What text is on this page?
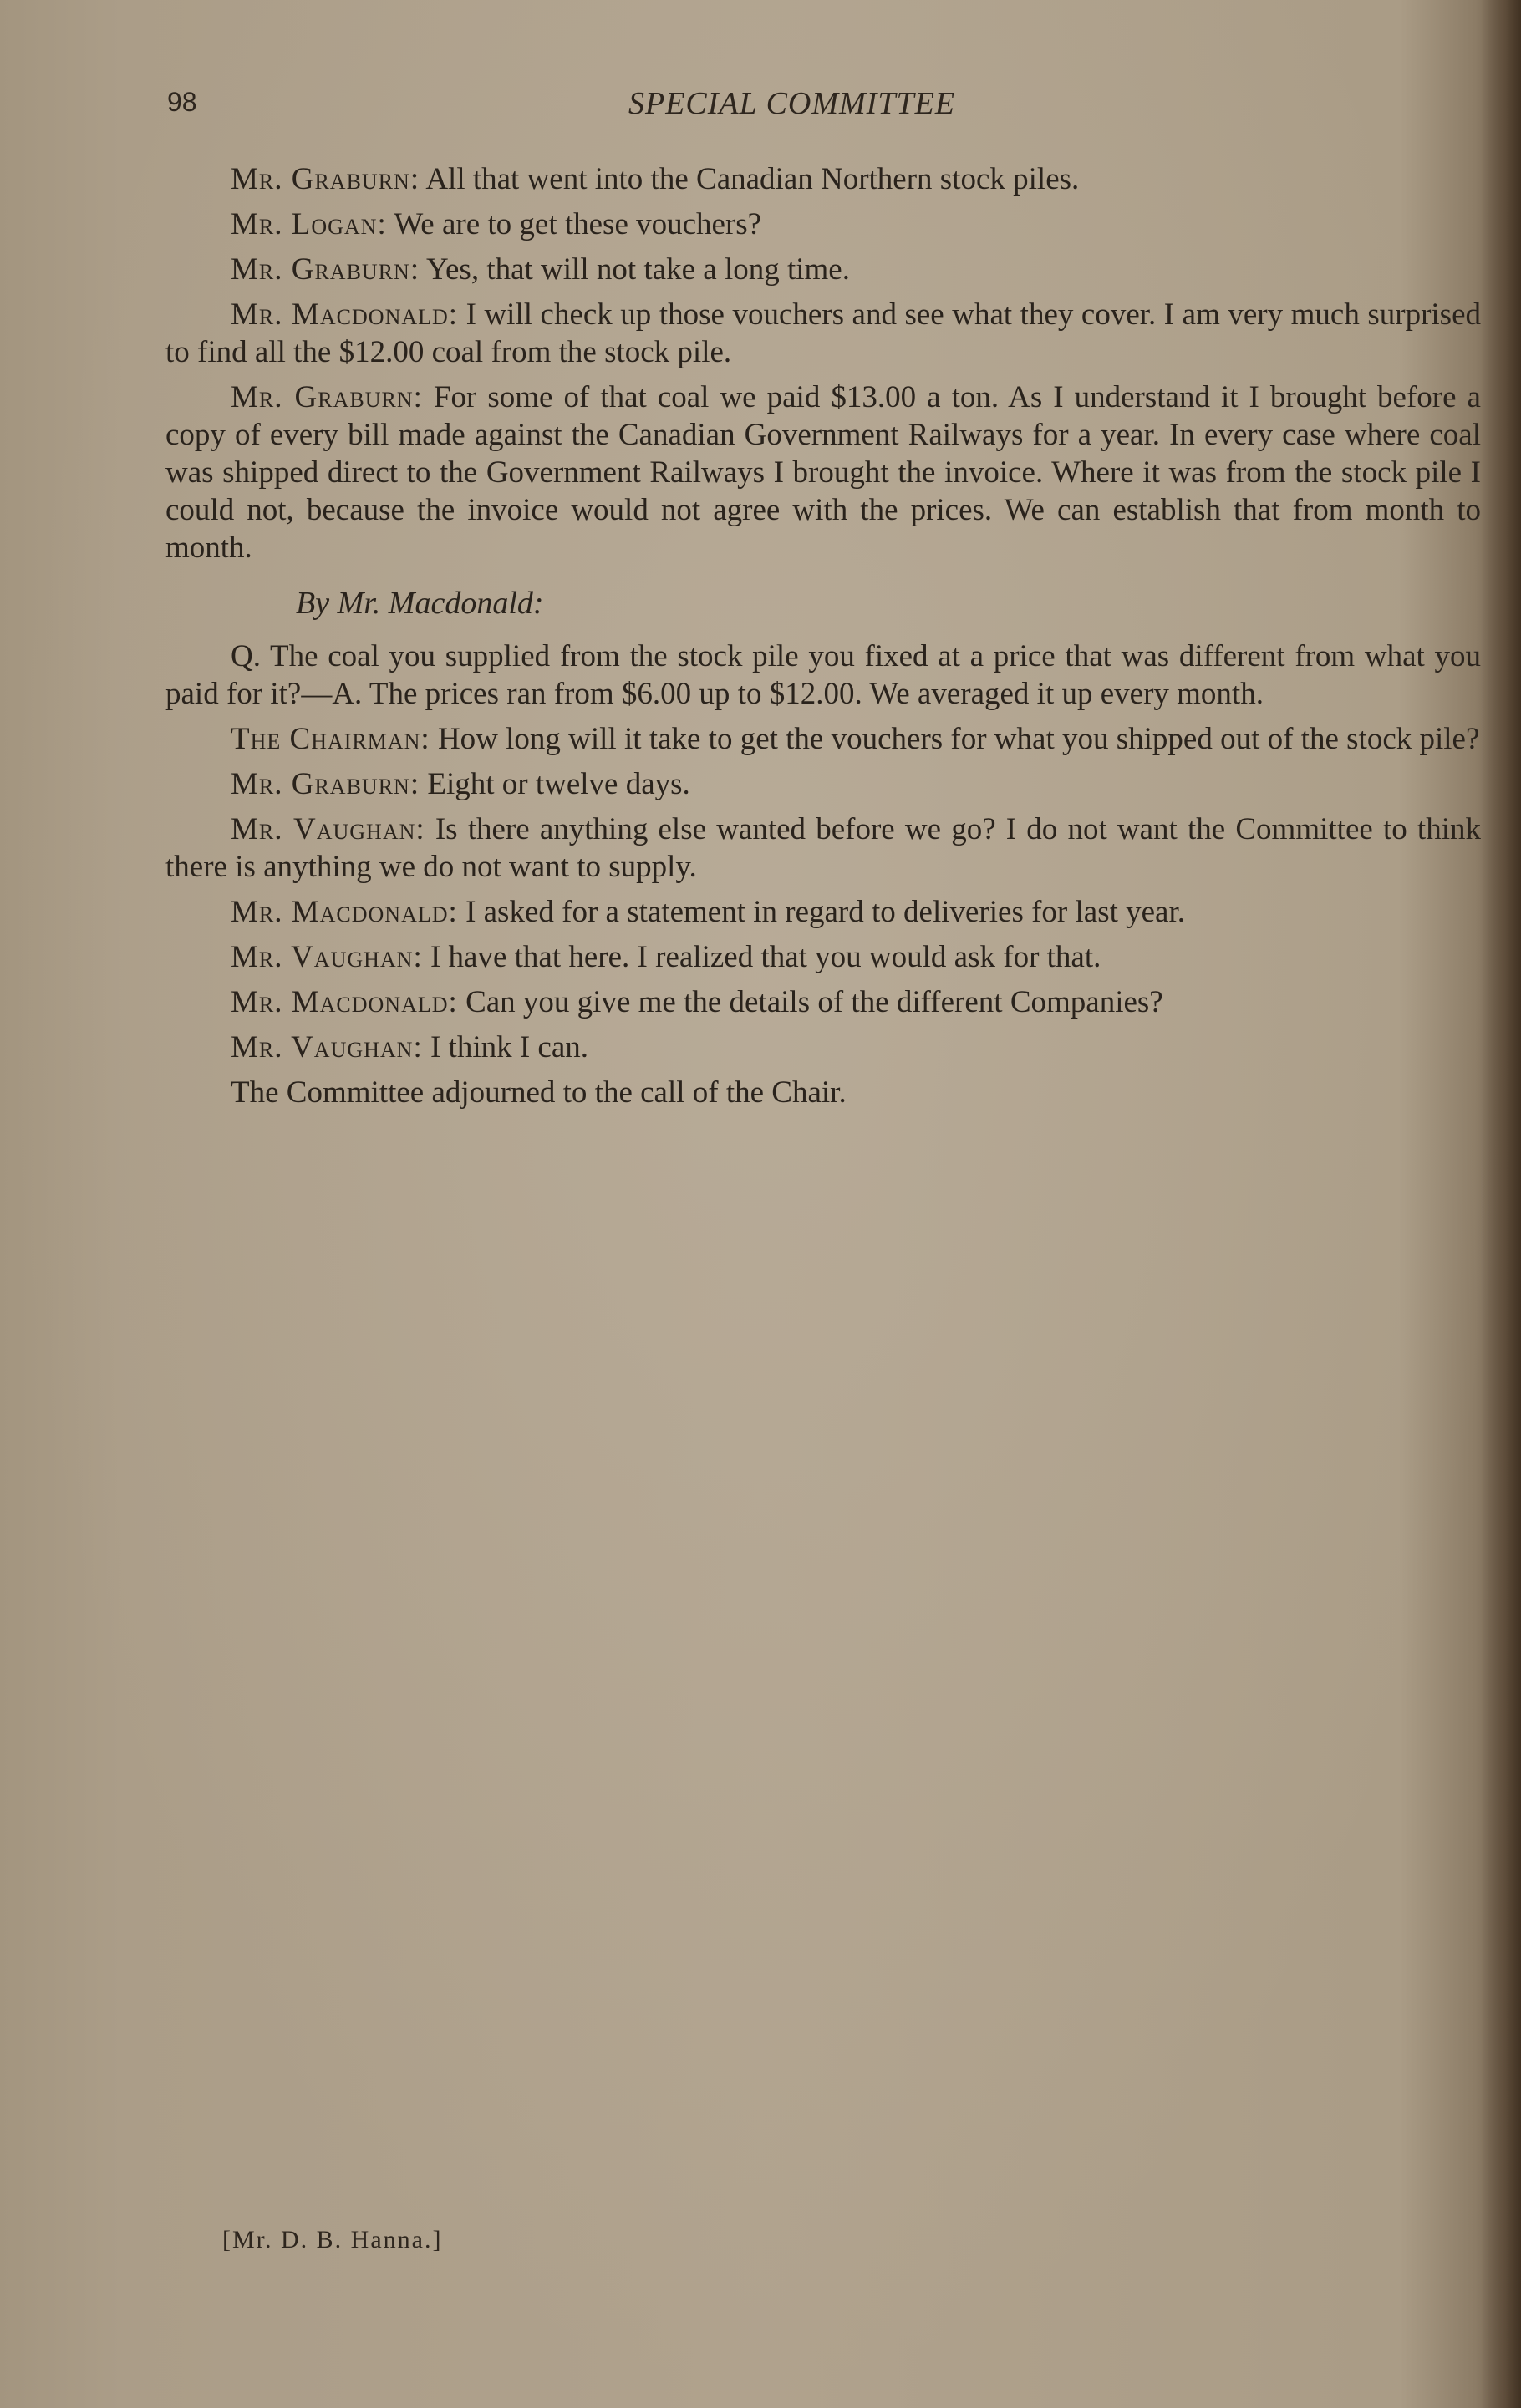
98	SPECIAL COMMITTEE

Mr. Graburn: All that went into the Canadian Northern stock piles.

Mr. Logan: We are to get these vouchers?

Mr. Graburn: Yes, that will not take a long time.

Mr. Macdonald: I will check up those vouchers and see what they cover. I am very much surprised to find all the $12.00 coal from the stock pile.

Mr. Graburn: For some of that coal we paid $13.00 a ton. As I understand it I brought before a copy of every bill made against the Canadian Government Railways for a year. In every case where coal was shipped direct to the Government Railways I brought the invoice. Where it was from the stock pile I could not, because the invoice would not agree with the prices. We can establish that from month to month.

By Mr. Macdonald:

Q. The coal you supplied from the stock pile you fixed at a price that was different from what you paid for it?—A. The prices ran from $6.00 up to $12.00. We averaged it up every month.

The Chairman: How long will it take to get the vouchers for what you shipped out of the stock pile?

Mr. Graburn: Eight or twelve days.

Mr. Vaughan: Is there anything else wanted before we go? I do not want the Committee to think there is anything we do not want to supply.

Mr. Macdonald: I asked for a statement in regard to deliveries for last year.

Mr. Vaughan: I have that here. I realized that you would ask for that.

Mr. Macdonald: Can you give me the details of the different Companies?

Mr. Vaughan: I think I can.

The Committee adjourned to the call of the Chair.

[Mr. D. B. Hanna.]
